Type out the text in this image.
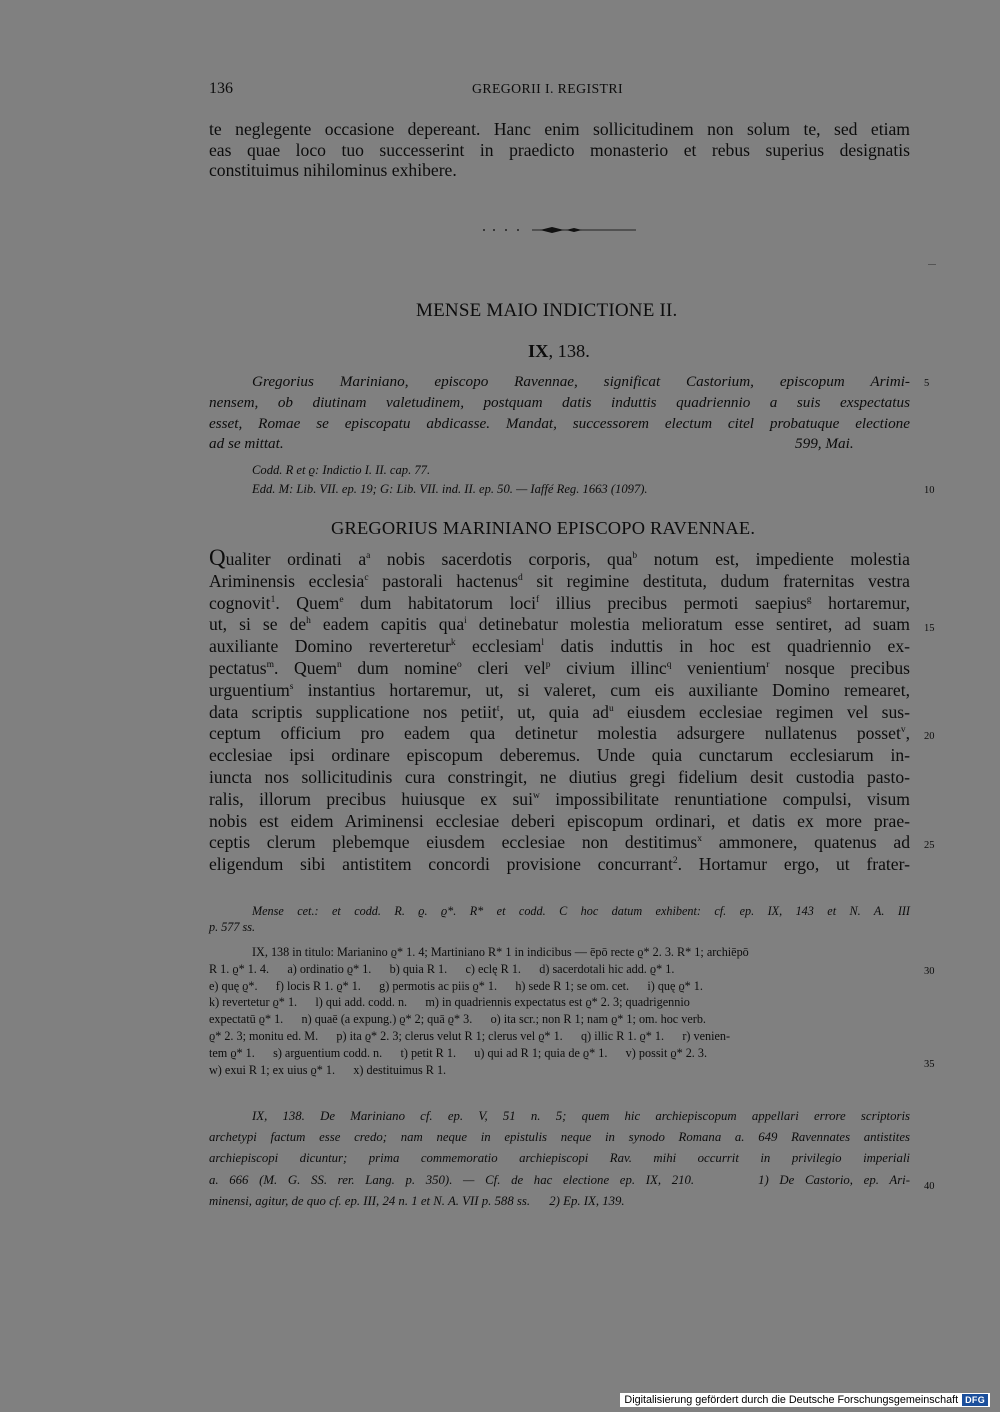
136	GREGORII I. REGISTRI
te neglegente occasione depereant. Hanc enim sollicitudinem non solum te, sed etiam
eas quae loco tuo successerint in praedicto monasterio et rebus superius designatis
constituimus nihilominus exhibere.
MENSE MAIO INDICTIONE II.
IX, 138.
Gregorius Mariniano, episcopo Ravennae, significat Castorium, episcopum Arimi-
nensem, ob diutinam valetudinem, postquam datis induttis quadriennio a suis exspectatus
esset, Romae se episcopatu abdicasse. Mandat, successorem electum citel probatuque electione
ad se mittat.	599, Mai.
Codd. R et ϱ: Indictio I. II. cap. 77.
Edd. M: Lib. VII. ep. 19; G: Lib. VII. ind. II. ep. 50. — Iaffé Reg. 1663 (1097).
GREGORIUS MARINIANO EPISCOPO RAVENNAE.
Qualiter ordinati $a^a$ nobis sacerdotis corporis, qua$^b$ notum est, impediente molestia
Ariminensis ecclesia$^c$ pastorali hactenus$^d$ sit regimine destituta, dudum fraternitas vestra
cognovit$^1$. Quem$^e$ dum habitatorum loci$^f$ illius precibus permoti saepius$^g$ hortaremur,
ut, si se $de^h$ eadem capitis qua$^i$ detinebatur molestia melioratum esse sentiret, ad suam
auxiliante Domino reverteretur$^k$ ecclesiam$^l$ datis induttis in hoc est quadriennio ex-
pectatus$^m$. Quem$^n$ dum nomine$^o$ cleri vel$^p$ civium illinc$^q$ venientium$^r$ nosque precibus
urguentium$^s$ instantius hortaremur, ut, si valeret, cum eis auxiliante Domino remearet,
data scriptis supplicatione nos petiit$^t$, ut, quia $ad^u$ eiusdem ecclesiae regimen vel sus-
ceptum officium pro eadem qua detinetur molestia adsurgere nullatenus posset$^v$,
ecclesiae ipsi ordinare episcopum deberemus. Unde quia cunctarum ecclesiarum in-
iuncta nos sollicitudinis cura constringit, ne diutius gregi fidelium desit custodia pasto-
ralis, illorum precibus huiusque ex sui$^w$ impossibilitate renuntiatione compulsi, visum
nobis est eidem Ariminensi ecclesiae deberi episcopum ordinari, et datis ex more prae-
ceptis clerum plebemque eiusdem ecclesiae non destitimus$^x$ ammonere, quatenus ad
eligendum sibi antistitem concordi provisione concurrant$^2$. Hortamur ergo, ut frater-
5
10
15
20
25
30
35
40
Mense cet.: et codd. R. ϱ. ϱ*. R* et codd. C hoc datum exhibent: cf. ep. IX, 143 et N. A. III
p. 577 ss.
IX, 138 in titulo: Marianino ϱ* 1. 4; Martiniano R* 1 in indicibus — ēpō recte ϱ* 2. 3. R* 1; archiēpō
R 1. ϱ* 1. 4.      a) ordinatio ϱ* 1.      b) quia R 1.      c) eclę R 1.      d) sacerdotali hic add. ϱ* 1.
e) quę ϱ*.      f) locis R 1. ϱ* 1.      g) permotis ac piis ϱ* 1.      h) sede R 1; se om. cet.      i) quę ϱ* 1.
k) revertetur ϱ* 1.      l) qui add. codd. n.      m) in quadriennis expectatus est ϱ* 2. 3; quadrigennio
expectatū ϱ* 1.      n) quaē (a expung.) ϱ* 2; quā ϱ* 3.      o) ita scr.; non R 1; nam ϱ* 1; om. hoc verb.
ϱ* 2. 3; monitu ed. M.      p) ita ϱ* 2. 3; clerus velut R 1; clerus vel ϱ* 1.      q) illic R 1. ϱ* 1.      r) venien-
tem ϱ* 1.      s) arguentium codd. n.      t) petit R 1.      u) qui ad R 1; quia de ϱ* 1.      v) possit ϱ* 2. 3.
w) exui R 1; ex uius ϱ* 1.      x) destituimus R 1.
IX, 138. De Mariniano cf. ep. V, 51 n. 5; quem hic archiepiscopum appellari errore scriptoris
archetypi factum esse credo; nam neque in epistulis neque in synodo Romana a. 649 Ravennates antistites
archiepiscopi dicuntur; prima commemoratio archiepiscopi Rav. mihi occurrit in privilegio imperiali
a. 666 (M. G. SS. rer. Lang. p. 350). — Cf. de hac electione ep. IX, 210.      1) De Castorio, ep. Ari-
minensi, agitur, de quo cf. ep. III, 24 n. 1 et N. A. VII p. 588 ss.      2) Ep. IX, 139.
Digitalisierung gefördert durch die Deutsche Forschungsgemeinschaft DFG
